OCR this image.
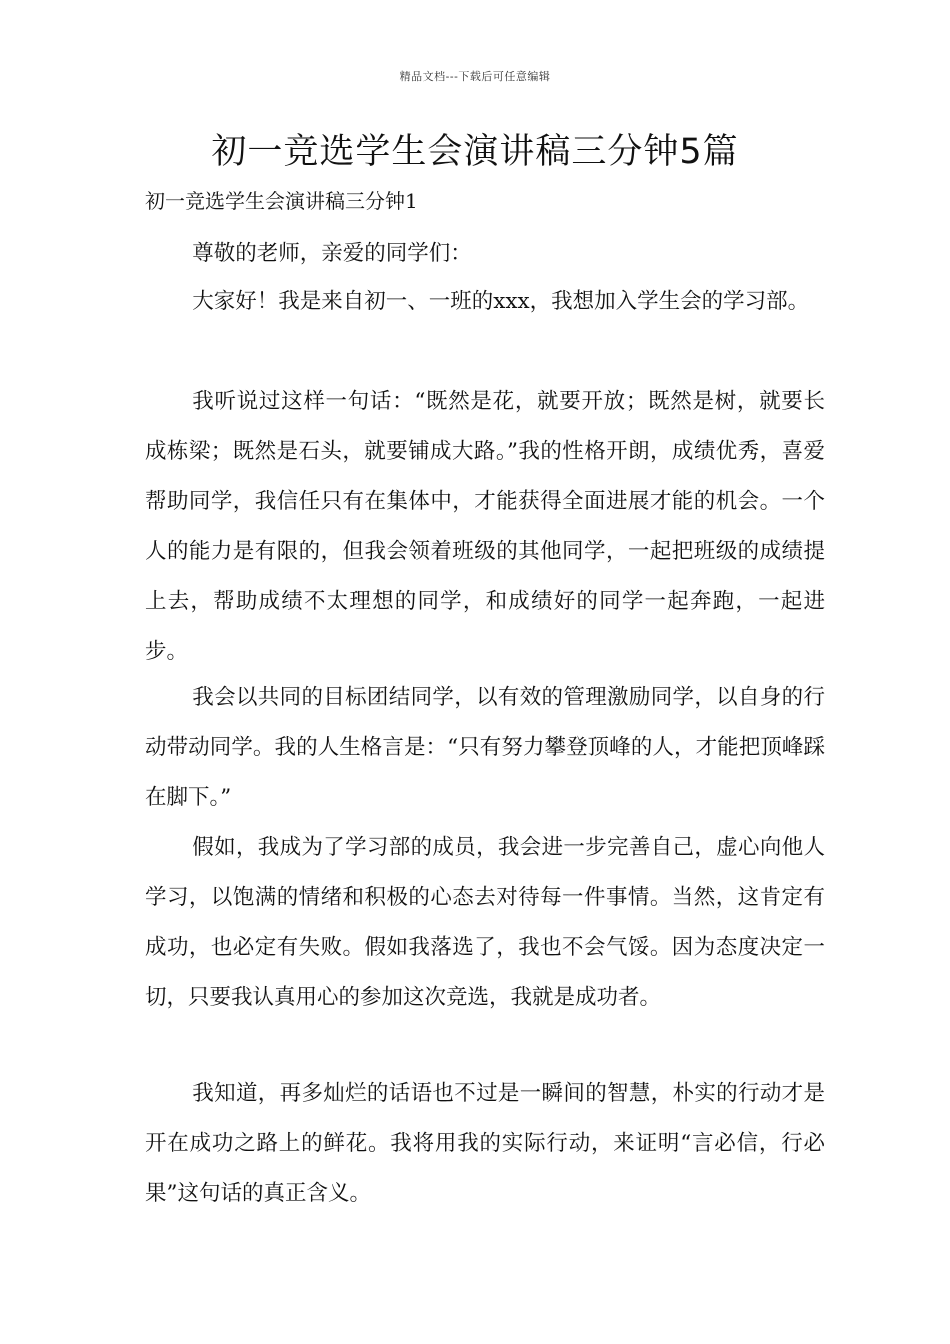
精品文档---下载后可任意编辑
初一竞选学生会演讲稿三分钟5篇
初一竞选学生会演讲稿三分钟1

尊敬的老师，亲爱的同学们：

大家好！我是来自初一、一班的xxx，我想加入学生会的学习部。

我听说过这样一句话：“既然是花，就要开放；既然是树，就要长成栋梁；既然是石头，就要铺成大路。”我的性格开朗，成绩优秀，喜爱帮助同学，我信任只有在集体中，才能获得全面进展才能的机会。一个人的能力是有限的，但我会领着班级的其他同学，一起把班级的成绩提上去，帮助成绩不太理想的同学，和成绩好的同学一起奔跑，一起进步。

我会以共同的目标团结同学，以有效的管理激励同学，以自身的行动带动同学。我的人生格言是：“只有努力攀登顶峰的人，才能把顶峰踩在脚下。”

假如，我成为了学习部的成员，我会进一步完善自己，虚心向他人学习，以饱满的情绪和积极的心态去对待每一件事情。当然，这肯定有成功，也必定有失败。假如我落选了，我也不会气馁。因为态度决定一切，只要我认真用心的参加这次竞选，我就是成功者。

我知道，再多灿烂的话语也不过是一瞬间的智慧，朴实的行动才是开在成功之路上的鲜花。我将用我的实际行动，来证明“言必信，行必果”这句话的真正含义。
